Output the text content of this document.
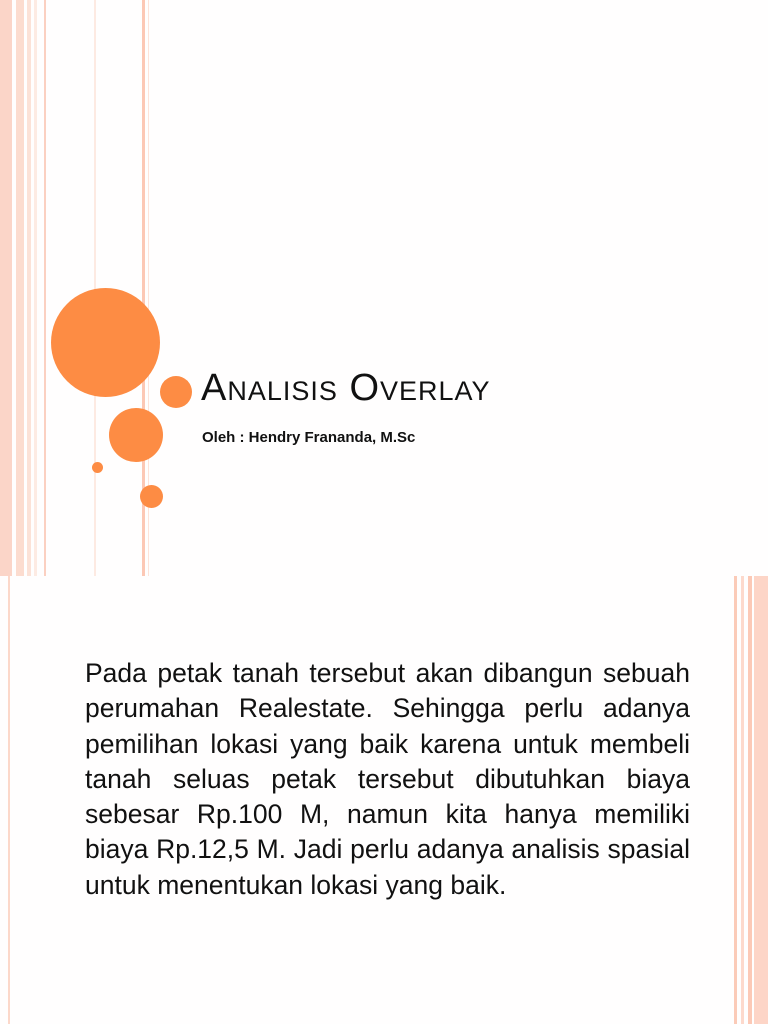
Analisis Overlay

Oleh : Hendry Frananda, M.Sc

Pada petak tanah tersebut akan dibangun sebuah perumahan Realestate. Sehingga perlu adanya pemilihan lokasi yang baik karena untuk membeli tanah seluas petak tersebut dibutuhkan biaya sebesar Rp.100 M, namun kita hanya memiliki biaya Rp.12,5 M. Jadi perlu adanya analisis spasial untuk menentukan lokasi yang baik.
